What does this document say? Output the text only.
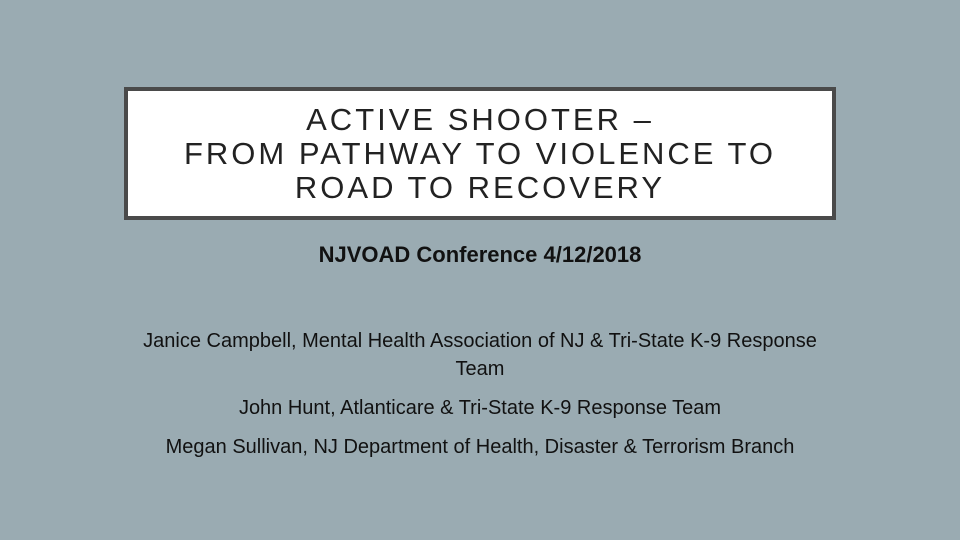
ACTIVE SHOOTER –
FROM PATHWAY TO VIOLENCE TO
ROAD TO RECOVERY
NJVOAD Conference 4/12/2018
Janice Campbell, Mental Health Association of NJ & Tri-State K-9 Response
Team
John Hunt, Atlanticare & Tri-State K-9 Response Team
Megan Sullivan, NJ Department of Health, Disaster & Terrorism Branch
